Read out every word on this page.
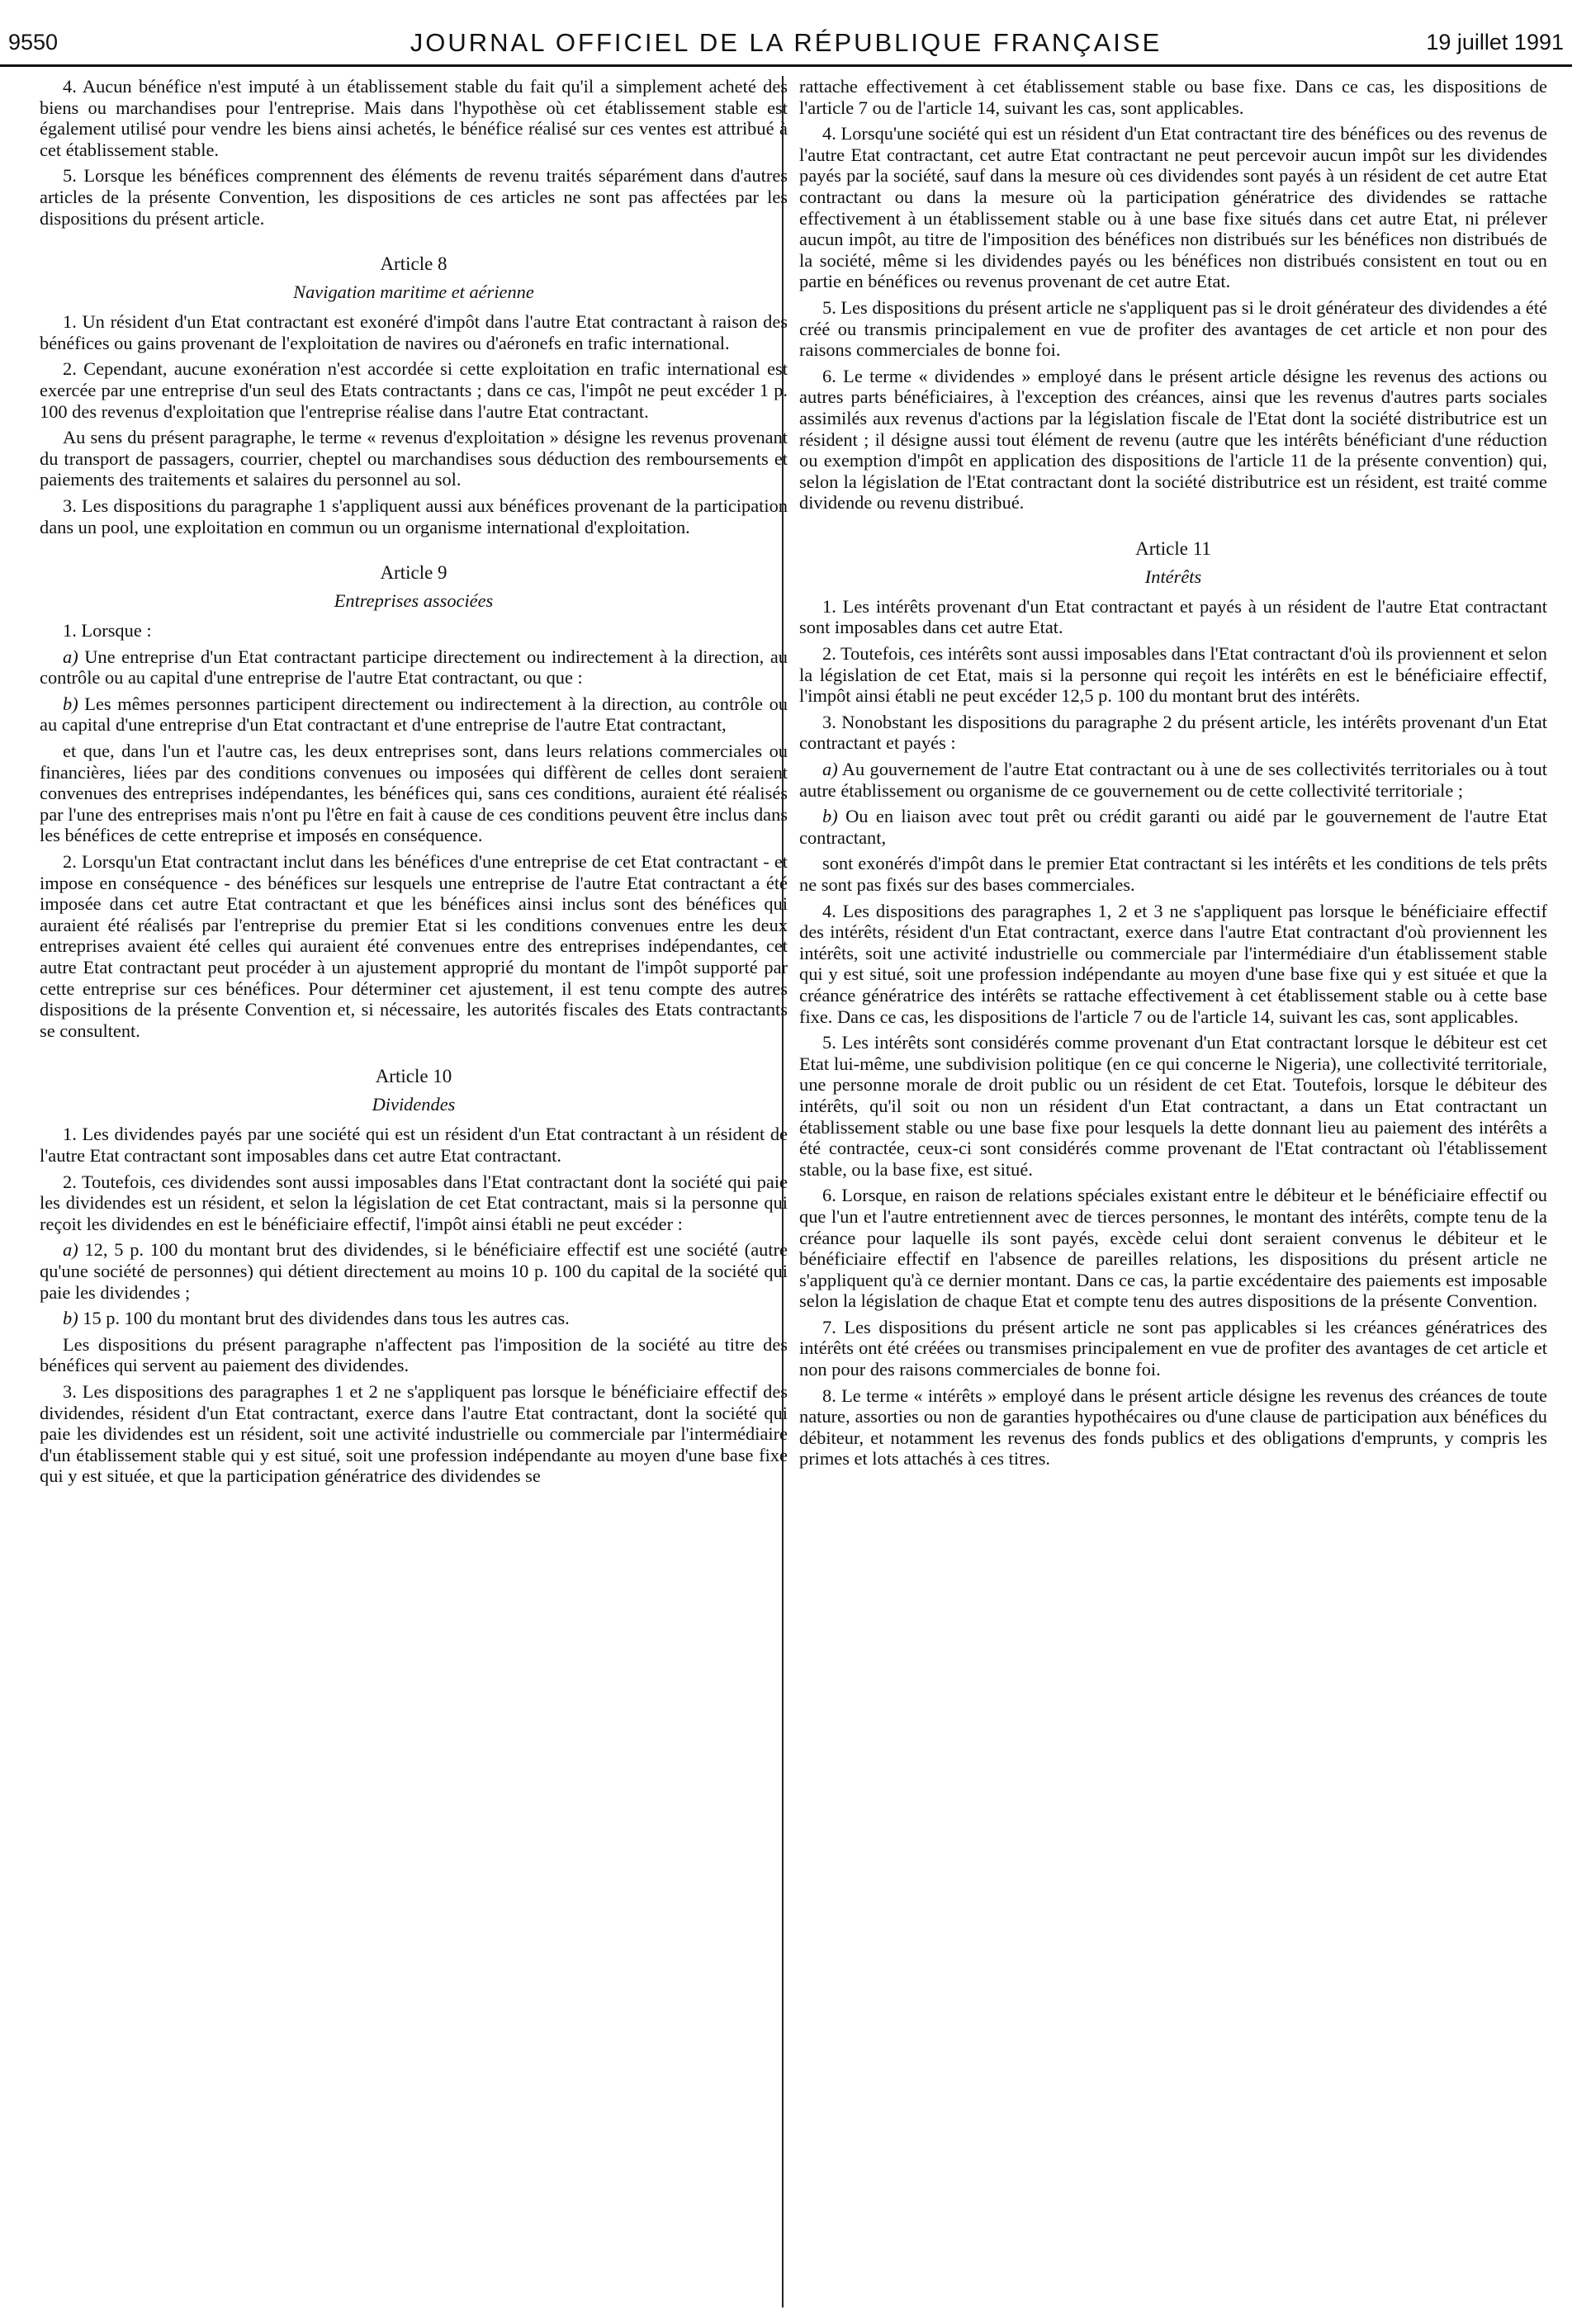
9550	JOURNAL OFFICIEL DE LA RÉPUBLIQUE FRANÇAISE	19 juillet 1991

4. Aucun bénéfice n'est imputé à un établissement stable du fait qu'il a simplement acheté des biens ou marchandises pour l'entreprise. Mais dans l'hypothèse où cet établissement stable est également utilisé pour vendre les biens ainsi achetés, le bénéfice réalisé sur ces ventes est attribué à cet établissement stable.

5. Lorsque les bénéfices comprennent des éléments de revenu traités séparément dans d'autres articles de la présente Convention, les dispositions de ces articles ne sont pas affectées par les dispositions du présent article.

Article 8
Navigation maritime et aérienne

1. Un résident d'un Etat contractant est exonéré d'impôt dans l'autre Etat contractant à raison des bénéfices ou gains provenant de l'exploitation de navires ou d'aéronefs en trafic international.

2. Cependant, aucune exonération n'est accordée si cette exploitation en trafic international est exercée par une entreprise d'un seul des Etats contractants ; dans ce cas, l'impôt ne peut excéder 1 p. 100 des revenus d'exploitation que l'entreprise réalise dans l'autre Etat contractant.

Au sens du présent paragraphe, le terme « revenus d'exploitation » désigne les revenus provenant du transport de passagers, courrier, cheptel ou marchandises sous déduction des remboursements et paiements des traitements et salaires du personnel au sol.

3. Les dispositions du paragraphe 1 s'appliquent aussi aux bénéfices provenant de la participation dans un pool, une exploitation en commun ou un organisme international d'exploitation.

Article 9
Entreprises associées

1. Lorsque :

a) Une entreprise d'un Etat contractant participe directement ou indirectement à la direction, au contrôle ou au capital d'une entreprise de l'autre Etat contractant, ou que :

b) Les mêmes personnes participent directement ou indirectement à la direction, au contrôle ou au capital d'une entreprise d'un Etat contractant et d'une entreprise de l'autre Etat contractant,

et que, dans l'un et l'autre cas, les deux entreprises sont, dans leurs relations commerciales ou financières, liées par des conditions convenues ou imposées qui diffèrent de celles dont seraient convenues des entreprises indépendantes, les bénéfices qui, sans ces conditions, auraient été réalisés par l'une des entreprises mais n'ont pu l'être en fait à cause de ces conditions peuvent être inclus dans les bénéfices de cette entreprise et imposés en conséquence.

2. Lorsqu'un Etat contractant inclut dans les bénéfices d'une entreprise de cet Etat contractant - et impose en conséquence - des bénéfices sur lesquels une entreprise de l'autre Etat contractant a été imposée dans cet autre Etat contractant et que les bénéfices ainsi inclus sont des bénéfices qui auraient été réalisés par l'entreprise du premier Etat si les conditions convenues entre les deux entreprises avaient été celles qui auraient été convenues entre des entreprises indépendantes, cet autre Etat contractant peut procéder à un ajustement approprié du montant de l'impôt supporté par cette entreprise sur ces bénéfices. Pour déterminer cet ajustement, il est tenu compte des autres dispositions de la présente Convention et, si nécessaire, les autorités fiscales des Etats contractants se consultent.

Article 10
Dividendes

1. Les dividendes payés par une société qui est un résident d'un Etat contractant à un résident de l'autre Etat contractant sont imposables dans cet autre Etat contractant.

2. Toutefois, ces dividendes sont aussi imposables dans l'Etat contractant dont la société qui paie les dividendes est un résident, et selon la législation de cet Etat contractant, mais si la personne qui reçoit les dividendes en est le bénéficiaire effectif, l'impôt ainsi établi ne peut excéder :

a) 12, 5 p. 100 du montant brut des dividendes, si le bénéficiaire effectif est une société (autre qu'une société de personnes) qui détient directement au moins 10 p. 100 du capital de la société qui paie les dividendes ;

b) 15 p. 100 du montant brut des dividendes dans tous les autres cas.

Les dispositions du présent paragraphe n'affectent pas l'imposition de la société au titre des bénéfices qui servent au paiement des dividendes.

3. Les dispositions des paragraphes 1 et 2 ne s'appliquent pas lorsque le bénéficiaire effectif des dividendes, résident d'un Etat contractant, exerce dans l'autre Etat contractant, dont la société qui paie les dividendes est un résident, soit une activité industrielle ou commerciale par l'intermédiaire d'un établissement stable qui y est situé, soit une profession indépendante au moyen d'une base fixe qui y est située, et que la participation génératrice des dividendes se

rattache effectivement à cet établissement stable ou base fixe. Dans ce cas, les dispositions de l'article 7 ou de l'article 14, suivant les cas, sont applicables.

4. Lorsqu'une société qui est un résident d'un Etat contractant tire des bénéfices ou des revenus de l'autre Etat contractant, cet autre Etat contractant ne peut percevoir aucun impôt sur les dividendes payés par la société, sauf dans la mesure où ces dividendes sont payés à un résident de cet autre Etat contractant ou dans la mesure où la participation génératrice des dividendes se rattache effectivement à un établissement stable ou à une base fixe situés dans cet autre Etat, ni prélever aucun impôt, au titre de l'imposition des bénéfices non distribués sur les bénéfices non distribués de la société, même si les dividendes payés ou les bénéfices non distribués consistent en tout ou en partie en bénéfices ou revenus provenant de cet autre Etat.

5. Les dispositions du présent article ne s'appliquent pas si le droit générateur des dividendes a été créé ou transmis principalement en vue de profiter des avantages de cet article et non pour des raisons commerciales de bonne foi.

6. Le terme « dividendes » employé dans le présent article désigne les revenus des actions ou autres parts bénéficiaires, à l'exception des créances, ainsi que les revenus d'autres parts sociales assimilés aux revenus d'actions par la législation fiscale de l'Etat dont la société distributrice est un résident ; il désigne aussi tout élément de revenu (autre que les intérêts bénéficiant d'une réduction ou exemption d'impôt en application des dispositions de l'article 11 de la présente convention) qui, selon la législation de l'Etat contractant dont la société distributrice est un résident, est traité comme dividende ou revenu distribué.

Article 11
Intérêts

1. Les intérêts provenant d'un Etat contractant et payés à un résident de l'autre Etat contractant sont imposables dans cet autre Etat.

2. Toutefois, ces intérêts sont aussi imposables dans l'Etat contractant d'où ils proviennent et selon la législation de cet Etat, mais si la personne qui reçoit les intérêts en est le bénéficiaire effectif, l'impôt ainsi établi ne peut excéder 12,5 p. 100 du montant brut des intérêts.

3. Nonobstant les dispositions du paragraphe 2 du présent article, les intérêts provenant d'un Etat contractant et payés :

a) Au gouvernement de l'autre Etat contractant ou à une de ses collectivités territoriales ou à tout autre établissement ou organisme de ce gouvernement ou de cette collectivité territoriale ;

b) Ou en liaison avec tout prêt ou crédit garanti ou aidé par le gouvernement de l'autre Etat contractant,

sont exonérés d'impôt dans le premier Etat contractant si les intérêts et les conditions de tels prêts ne sont pas fixés sur des bases commerciales.

4. Les dispositions des paragraphes 1, 2 et 3 ne s'appliquent pas lorsque le bénéficiaire effectif des intérêts, résident d'un Etat contractant, exerce dans l'autre Etat contractant d'où proviennent les intérêts, soit une activité industrielle ou commerciale par l'intermédiaire d'un établissement stable qui y est situé, soit une profession indépendante au moyen d'une base fixe qui y est située et que la créance génératrice des intérêts se rattache effectivement à cet établissement stable ou à cette base fixe. Dans ce cas, les dispositions de l'article 7 ou de l'article 14, suivant les cas, sont applicables.

5. Les intérêts sont considérés comme provenant d'un Etat contractant lorsque le débiteur est cet Etat lui-même, une subdivision politique (en ce qui concerne le Nigeria), une collectivité territoriale, une personne morale de droit public ou un résident de cet Etat. Toutefois, lorsque le débiteur des intérêts, qu'il soit ou non un résident d'un Etat contractant, a dans un Etat contractant un établissement stable ou une base fixe pour lesquels la dette donnant lieu au paiement des intérêts a été contractée, ceux-ci sont considérés comme provenant de l'Etat contractant où l'établissement stable, ou la base fixe, est situé.

6. Lorsque, en raison de relations spéciales existant entre le débiteur et le bénéficiaire effectif ou que l'un et l'autre entretiennent avec de tierces personnes, le montant des intérêts, compte tenu de la créance pour laquelle ils sont payés, excède celui dont seraient convenus le débiteur et le bénéficiaire effectif en l'absence de pareilles relations, les dispositions du présent article ne s'appliquent qu'à ce dernier montant. Dans ce cas, la partie excédentaire des paiements est imposable selon la législation de chaque Etat et compte tenu des autres dispositions de la présente Convention.

7. Les dispositions du présent article ne sont pas applicables si les créances génératrices des intérêts ont été créées ou transmises principalement en vue de profiter des avantages de cet article et non pour des raisons commerciales de bonne foi.

8. Le terme « intérêts » employé dans le présent article désigne les revenus des créances de toute nature, assorties ou non de garanties hypothécaires ou d'une clause de participation aux bénéfices du débiteur, et notamment les revenus des fonds publics et des obligations d'emprunts, y compris les primes et lots attachés à ces titres.
